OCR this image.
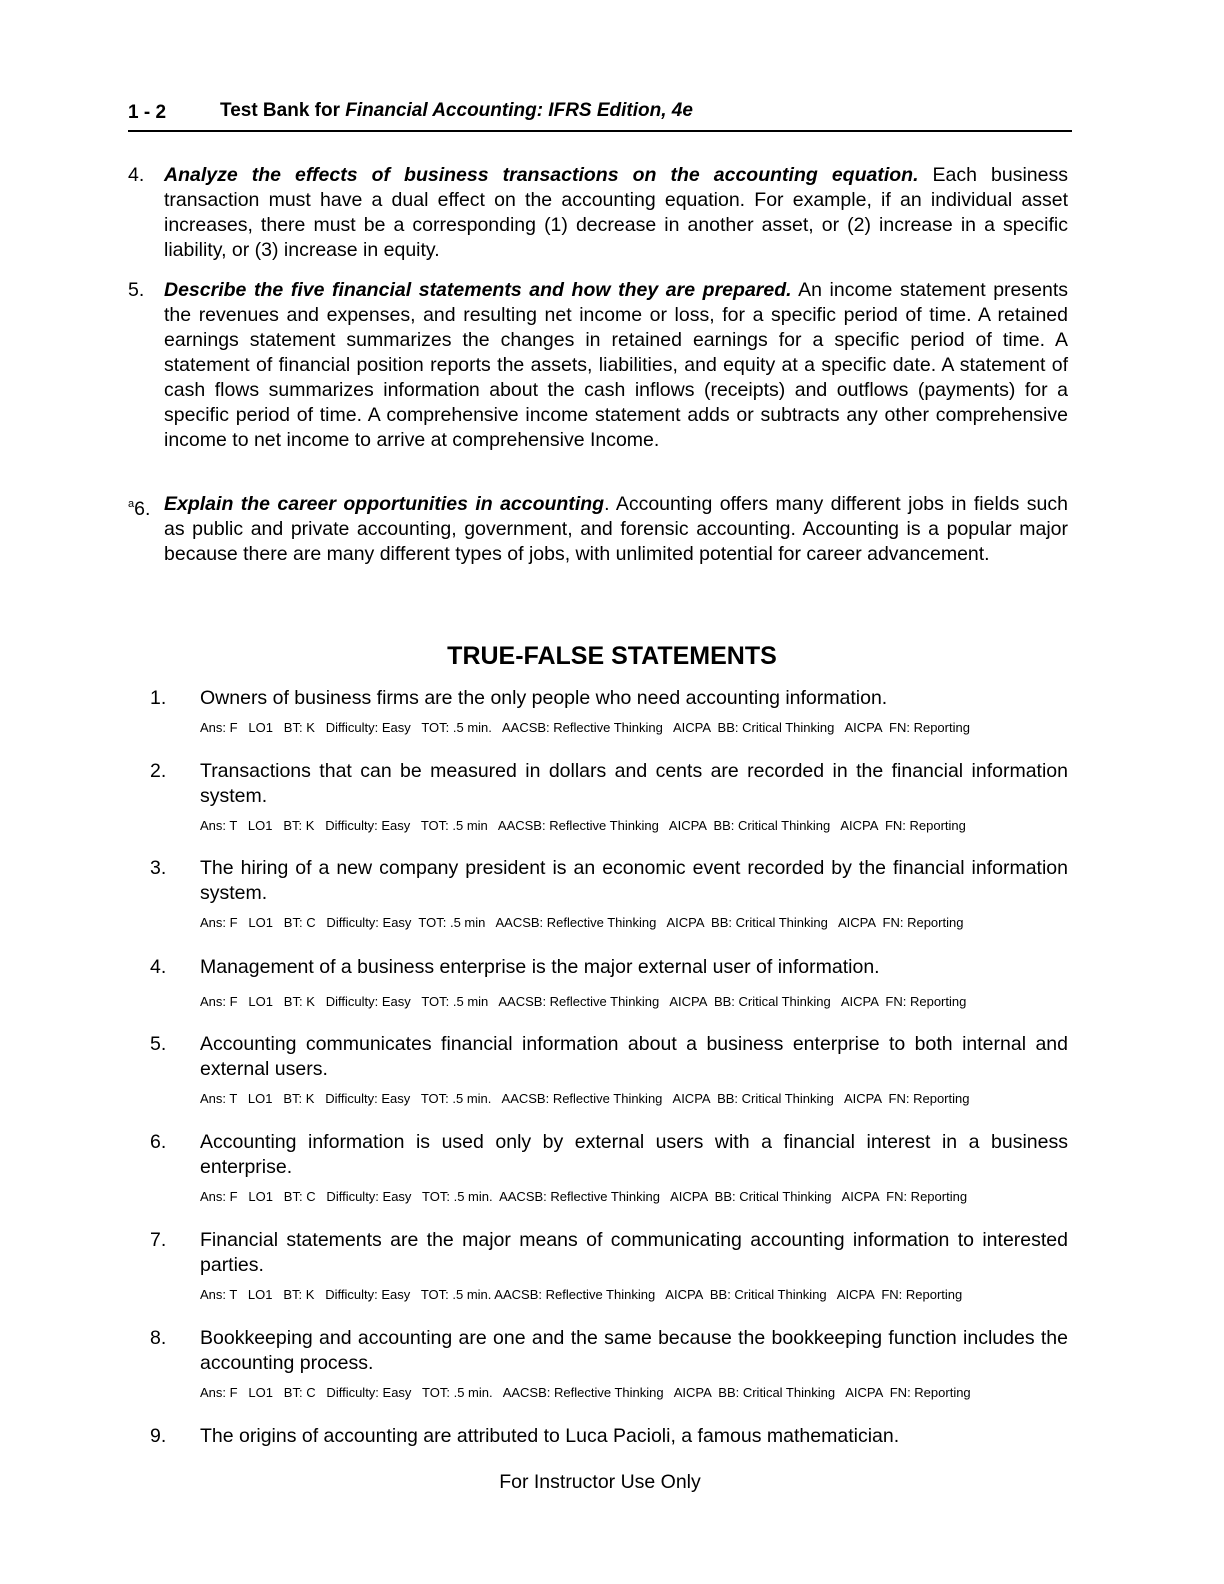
1 - 2	Test Bank for Financial Accounting: IFRS Edition, 4e
4. Analyze the effects of business transactions on the accounting equation. Each business transaction must have a dual effect on the accounting equation. For example, if an individual asset increases, there must be a corresponding (1) decrease in another asset, or (2) increase in a specific liability, or (3) increase in equity.
5. Describe the five financial statements and how they are prepared. An income statement presents the revenues and expenses, and resulting net income or loss, for a specific period of time. A retained earnings statement summarizes the changes in retained earnings for a specific period of time. A statement of financial position reports the assets, liabilities, and equity at a specific date. A statement of cash flows summarizes information about the cash inflows (receipts) and outflows (payments) for a specific period of time. A comprehensive income statement adds or subtracts any other comprehensive income to net income to arrive at comprehensive Income.
$^a$6. Explain the career opportunities in accounting. Accounting offers many different jobs in fields such as public and private accounting, government, and forensic accounting. Accounting is a popular major because there are many different types of jobs, with unlimited potential for career advancement.
TRUE-FALSE STATEMENTS
1. Owners of business firms are the only people who need accounting information.
Ans: F   LO1   BT: K   Difficulty: Easy   TOT: .5 min.   AACSB: Reflective Thinking   AICPA  BB: Critical Thinking   AICPA  FN: Reporting
2. Transactions that can be measured in dollars and cents are recorded in the financial information system.
Ans: T   LO1   BT: K   Difficulty: Easy   TOT: .5 min   AACSB: Reflective Thinking   AICPA  BB: Critical Thinking   AICPA  FN: Reporting
3. The hiring of a new company president is an economic event recorded by the financial information system.
Ans: F   LO1   BT: C   Difficulty: Easy  TOT: .5 min   AACSB: Reflective Thinking   AICPA  BB: Critical Thinking   AICPA  FN: Reporting
4. Management of a business enterprise is the major external user of information.
Ans: F   LO1   BT: K   Difficulty: Easy   TOT: .5 min   AACSB: Reflective Thinking   AICPA  BB: Critical Thinking   AICPA  FN: Reporting
5. Accounting communicates financial information about a business enterprise to both internal and external users.
Ans: T   LO1   BT: K   Difficulty: Easy   TOT: .5 min.   AACSB: Reflective Thinking   AICPA  BB: Critical Thinking   AICPA  FN: Reporting
6. Accounting information is used only by external users with a financial interest in a business enterprise.
Ans: F   LO1   BT: C   Difficulty: Easy   TOT: .5 min.  AACSB: Reflective Thinking   AICPA  BB: Critical Thinking   AICPA  FN: Reporting
7. Financial statements are the major means of communicating accounting information to interested parties.
Ans: T   LO1   BT: K   Difficulty: Easy   TOT: .5 min. AACSB: Reflective Thinking   AICPA  BB: Critical Thinking   AICPA  FN: Reporting
8. Bookkeeping and accounting are one and the same because the bookkeeping function includes the accounting process.
Ans: F   LO1   BT: C   Difficulty: Easy   TOT: .5 min.   AACSB: Reflective Thinking   AICPA  BB: Critical Thinking   AICPA  FN: Reporting
9. The origins of accounting are attributed to Luca Pacioli, a famous mathematician.
For Instructor Use Only
